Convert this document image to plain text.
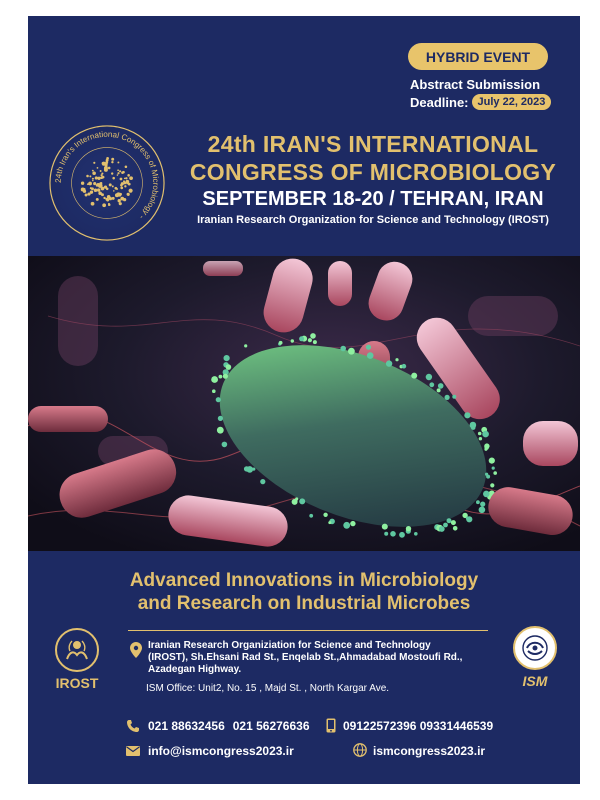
HYBRID EVENT
Abstract Submission
Deadline: July 22, 2023
24th Iran's International Congress of Microbiology -
24th IRAN'S INTERNATIONAL
CONGRESS OF MICROBIOLOGY
SEPTEMBER 18-20 / TEHRAN, IRAN
Iranian Research Organization for Science and Technology (IROST)
Advanced Innovations in Microbiology
and Research on Industrial Microbes
IROST	ISM
Iranian Research Organiziation for Science and Technology
(IROST), Sh.Ehsani Rad St., Enqelab St.,Ahmadabad Mostoufi Rd.,
Azadegan Highway.
ISM Office: Unit2, No. 15 , Majd St. , North Kargar Ave.
021 88632456 021 56276636	09122572396 09331446539
info@ismcongress2023.ir	ismcongress2023.ir
